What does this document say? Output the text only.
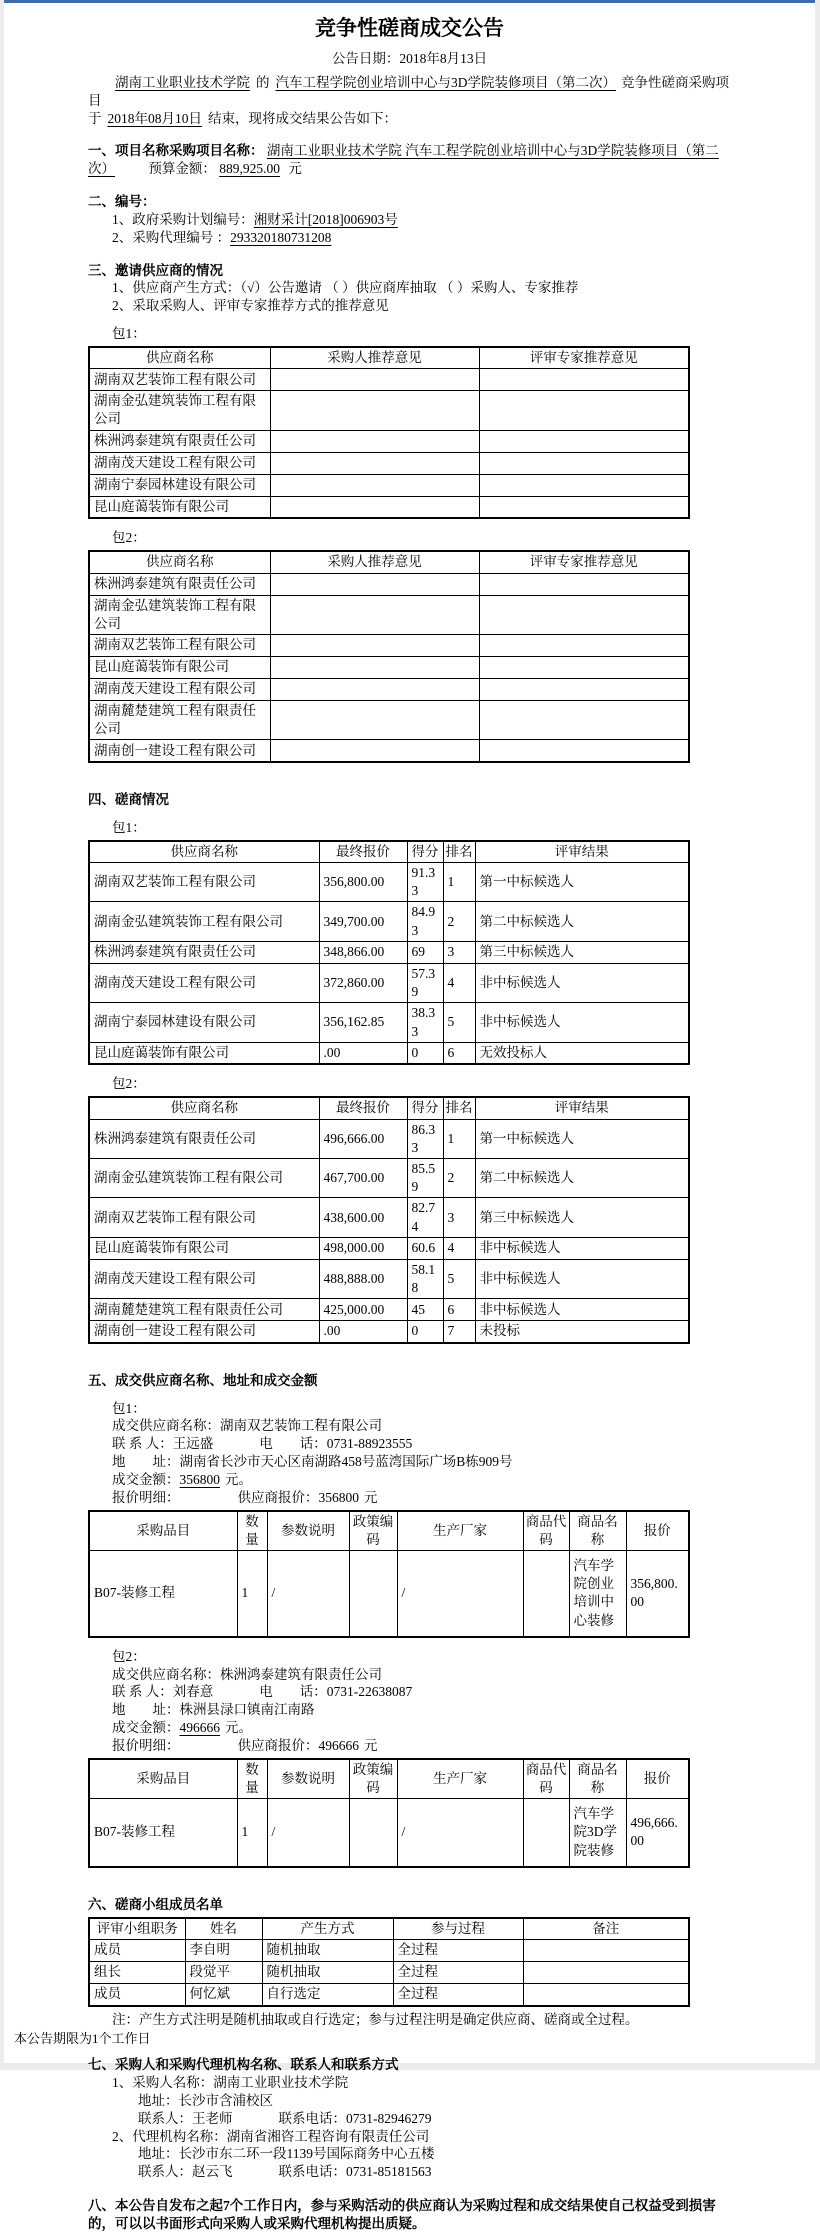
竞争性磋商成交公告
公告日期：2018年8月13日

湖南工业职业技术学院 的 汽车工程学院创业培训中心与3D学院装修项目（第二次） 竞争性磋商采购项目
于 2018年08月10日 结束，现将成交结果公告如下：

一、项目名称采购项目名称： 湖南工业职业技术学院 汽车工程学院创业培训中心与3D学院装修项目（第二次） 预算金额： 889,925.00 元

二、编号：

1、政府采购计划编号：湘财采计[2018]006903号

2、采购代理编号 ：293320180731208

三、邀请供应商的情况

1、供应商产生方式：（√）公告邀请 （ ）供应商库抽取 （ ）采购人、专家推荐

2、采取采购人、评审专家推荐方式的推荐意见

包1：

供应商名称	采购人推荐意见	评审专家推荐意见
湖南双艺装饰工程有限公司		
湖南金弘建筑装饰工程有限公司		
株洲鸿泰建筑有限责任公司		
湖南茂天建设工程有限公司		
湖南宁泰园林建设有限公司		
昆山庭蔼装饰有限公司		

包2：

供应商名称	采购人推荐意见	评审专家推荐意见
株洲鸿泰建筑有限责任公司		
湖南金弘建筑装饰工程有限公司		
湖南双艺装饰工程有限公司		
昆山庭蔼装饰有限公司		
湖南茂天建设工程有限公司		
湖南麓楚建筑工程有限责任公司		
湖南创一建设工程有限公司		

四、磋商情况

包1：

供应商名称	最终报价	得分	排名	评审结果
湖南双艺装饰工程有限公司	356,800.00	91.33	1	第一中标候选人
湖南金弘建筑装饰工程有限公司	349,700.00	84.93	2	第二中标候选人
株洲鸿泰建筑有限责任公司	348,866.00	69	3	第三中标候选人
湖南茂天建设工程有限公司	372,860.00	57.39	4	非中标候选人
湖南宁泰园林建设有限公司	356,162.85	38.33	5	非中标候选人
昆山庭蔼装饰有限公司	.00	0	6	无效投标人

包2：

供应商名称	最终报价	得分	排名	评审结果
株洲鸿泰建筑有限责任公司	496,666.00	86.33	1	第一中标候选人
湖南金弘建筑装饰工程有限公司	467,700.00	85.59	2	第二中标候选人
湖南双艺装饰工程有限公司	438,600.00	82.74	3	第三中标候选人
昆山庭蔼装饰有限公司	498,000.00	60.6	4	非中标候选人
湖南茂天建设工程有限公司	488,888.00	58.18	5	非中标候选人
湖南麓楚建筑工程有限责任公司	425,000.00	45	6	非中标候选人
湖南创一建设工程有限公司	.00	0	7	未投标

五、成交供应商名称、地址和成交金额

包1：

成交供应商名称：湖南双艺装饰工程有限公司

联 系 人：王远盛	电　　话：0731-88923555

地　　址：湖南省长沙市天心区南湖路458号蓝湾国际广场B栋909号

成交金额：356800 元。

报价明细：	供应商报价：356800 元

采购品目	数量	参数说明	政策编码	生产厂家	商品代码	商品名称	报价
B07-装修工程	1	/		/		汽车学院创业培训中心装修	356,800.00

包2：

成交供应商名称：株洲鸿泰建筑有限责任公司

联 系 人：刘春意	电　　话：0731-22638087

地　　址：株洲县渌口镇南江南路

成交金额：496666 元。

报价明细：	供应商报价：496666 元

采购品目	数量	参数说明	政策编码	生产厂家	商品代码	商品名称	报价
B07-装修工程	1	/		/		汽车学院3D学院装修	496,666.00

六、磋商小组成员名单

评审小组职务	姓名	产生方式	参与过程	备注
成员	李自明	随机抽取	全过程	
组长	段觉平	随机抽取	全过程	
成员	何忆斌	自行选定	全过程	

注：产生方式注明是随机抽取或自行选定；参与过程注明是确定供应商、磋商或全过程。

七、采购人和采购代理机构名称、联系人和联系方式

1、采购人名称：湖南工业职业技术学院

地址：长沙市含浦校区

联系人：王老师	联系电话：0731-82946279

2、代理机构名称：湖南省湘咨工程咨询有限责任公司

地址：长沙市东二环一段1139号国际商务中心五楼

联系人：赵云飞	联系电话：0731-85181563

八、本公告自发布之起7个工作日内，参与采购活动的供应商认为采购过程和成交结果使自己权益受到损害的，可以以书面形式向采购人或采购代理机构提出质疑。

本公告期限为1个工作日
